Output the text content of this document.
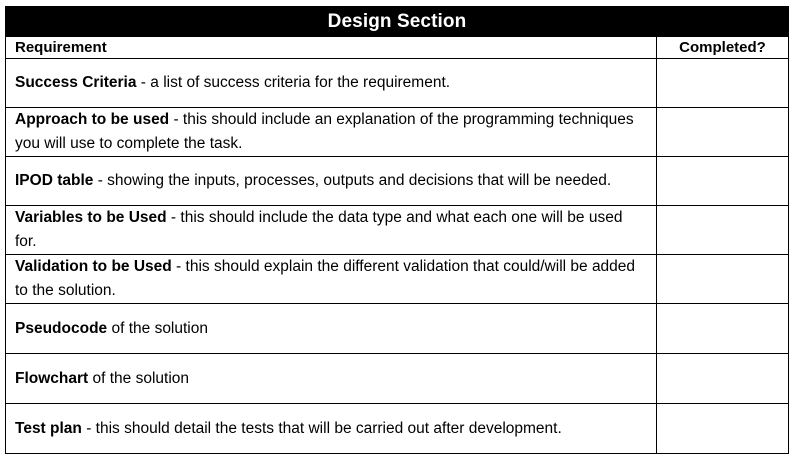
Design Section	
Requirement	Completed?
Success Criteria - a list of success criteria for the requirement.	
Approach to be used - this should include an explanation of the programming techniques you will use to complete the task.	
IPOD table - showing the inputs, processes, outputs and decisions that will be needed.	
Variables to be Used - this should include the data type and what each one will be used for.	
Validation to be Used - this should explain the different validation that could/will be added to the solution.	
Pseudocode of the solution	
Flowchart of the solution	
Test plan - this should detail the tests that will be carried out after development.	
